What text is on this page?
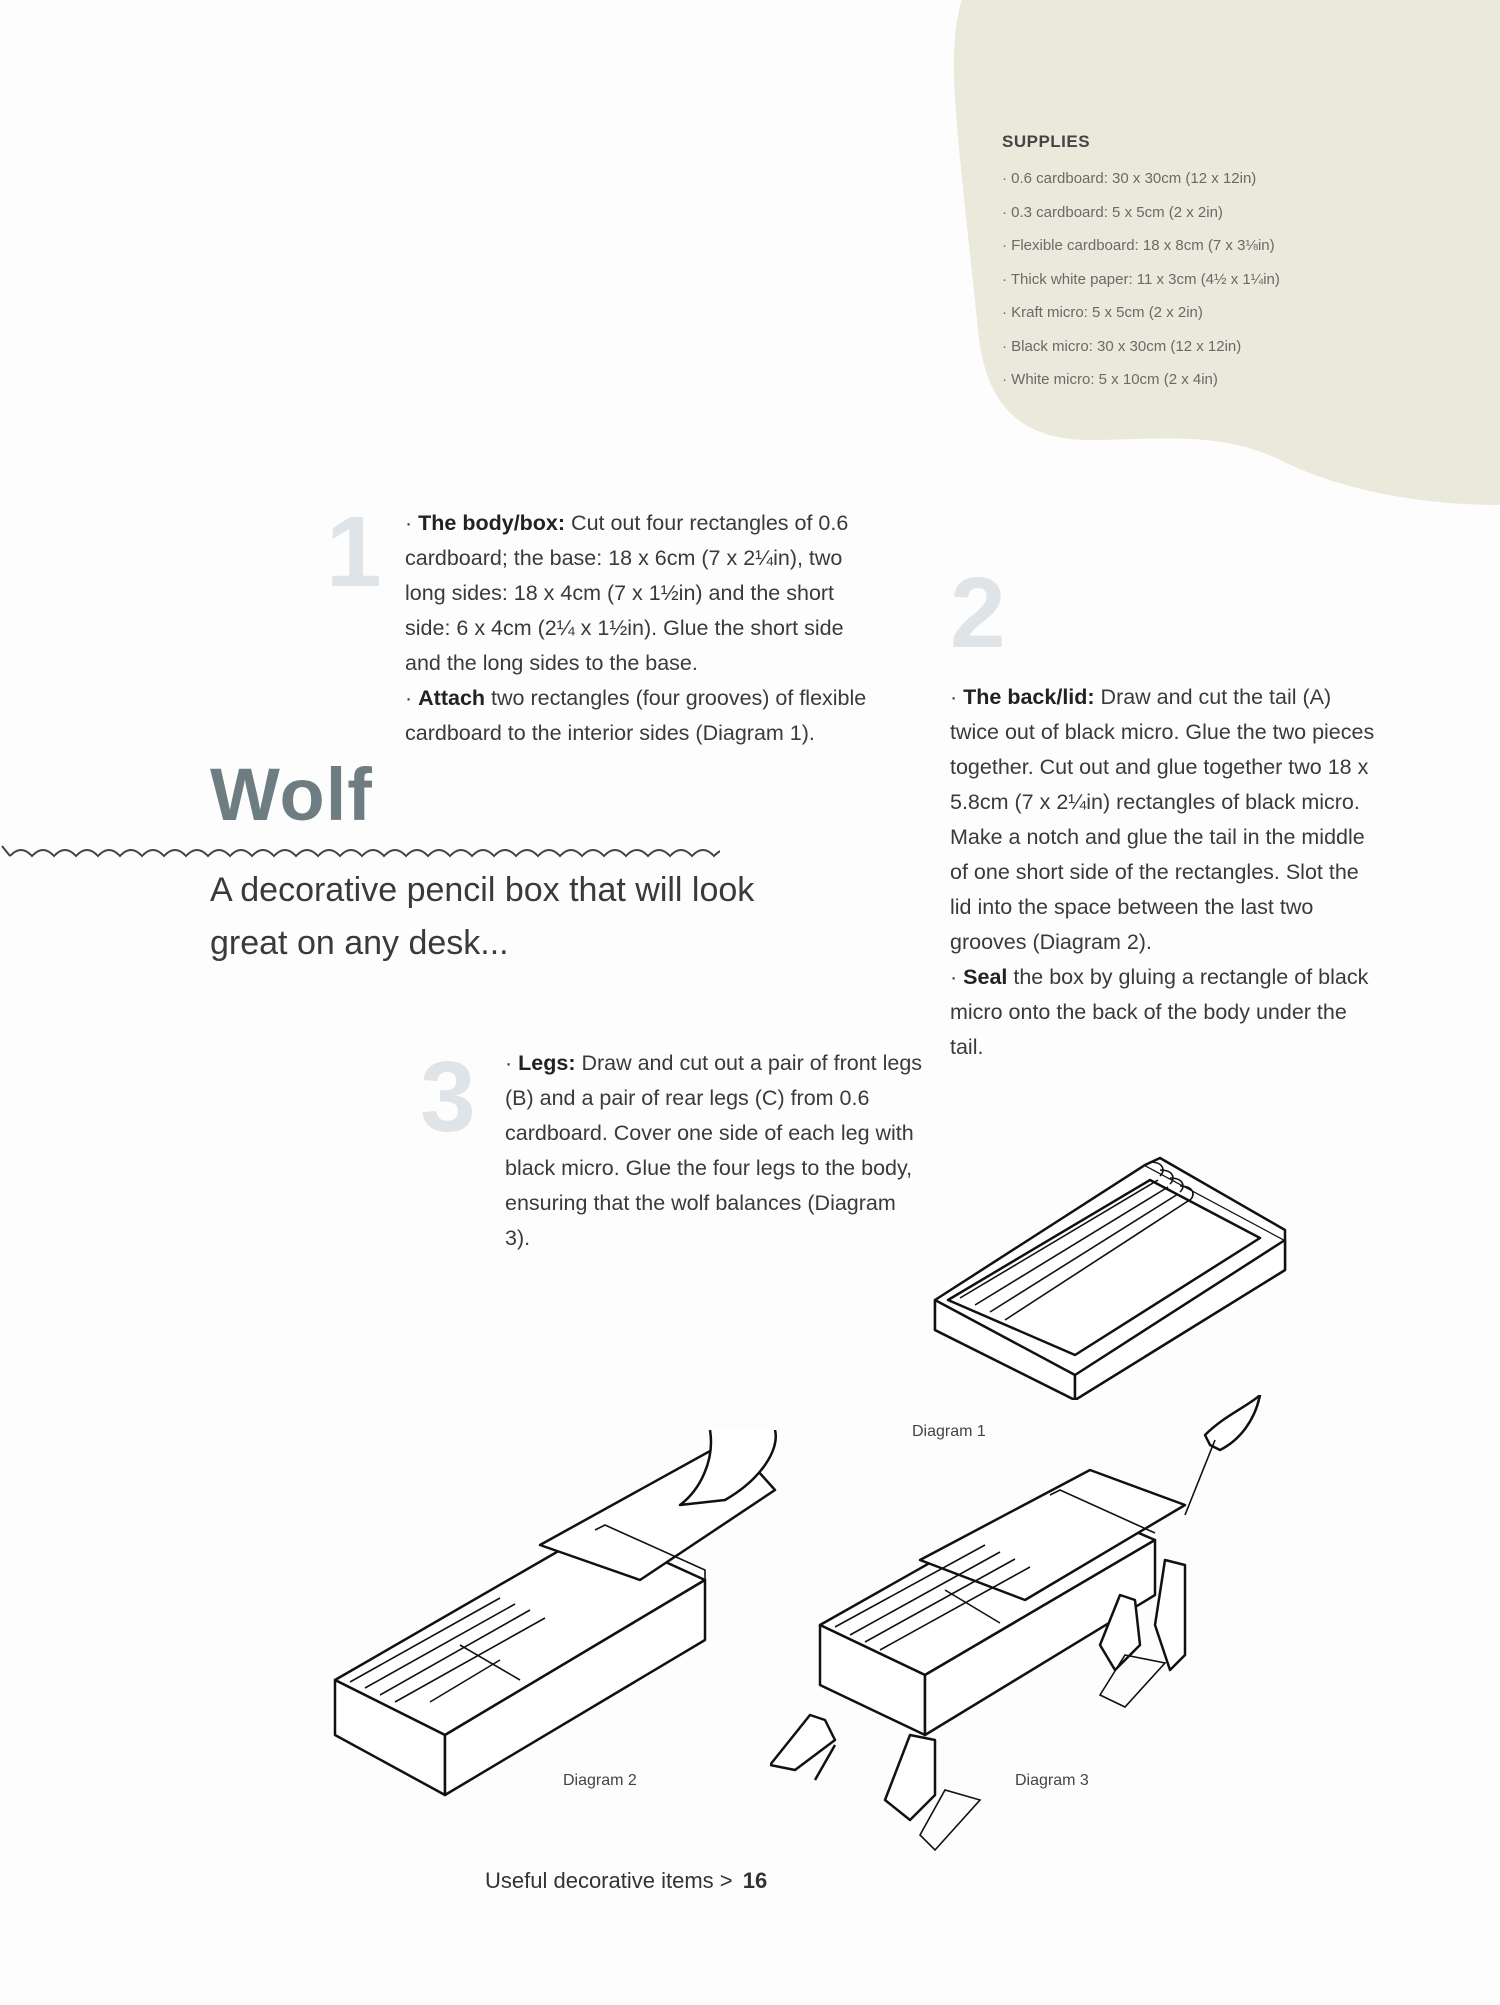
SUPPLIES
· 0.6 cardboard: 30 x 30cm (12 x 12in)
· 0.3 cardboard: 5 x 5cm (2 x 2in)
· Flexible cardboard: 18 x 8cm (7 x 3⅛in)
· Thick white paper: 11 x 3cm (4½ x 1¼in)
· Kraft micro: 5 x 5cm (2 x 2in)
· Black micro: 30 x 30cm (12 x 12in)
· White micro: 5 x 10cm (2 x 4in)
1 · The body/box: Cut out four rectangles of 0.6 cardboard; the base: 18 x 6cm (7 x 2¼in), two long sides: 18 x 4cm (7 x 1½in) and the short side: 6 x 4cm (2¼ x 1½in). Glue the short side and the long sides to the base.

· Attach two rectangles (four grooves) of flexible cardboard to the interior sides (Diagram 1).

2

· The back/lid: Draw and cut the tail (A) twice out of black micro. Glue the two pieces together. Cut out and glue together two 18 x 5.8cm (7 x 2¼in) rectangles of black micro. Make a notch and glue the tail in the middle of one short side of the rectangles. Slot the lid into the space between the last two grooves (Diagram 2).

· Seal the box by gluing a rectangle of black micro onto the back of the body under the tail.

Wolf
A decorative pencil box that will look great on any desk...
3 · Legs: Draw and cut out a pair of front legs (B) and a pair of rear legs (C) from 0.6 cardboard. Cover one side of each leg with black micro. Glue the four legs to the body, ensuring that the wolf balances (Diagram 3).

Diagram 1
Diagram 2	Diagram 3
Useful decorative items > 16
